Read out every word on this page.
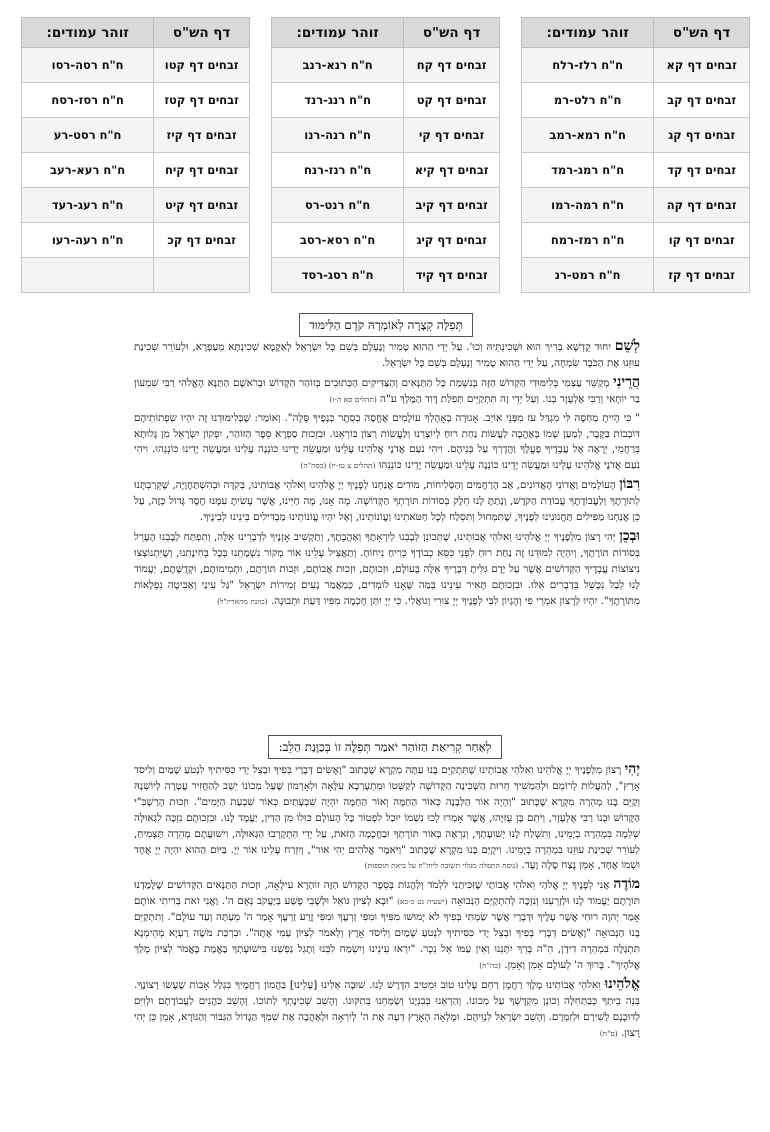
דף הש"ס	זוהר עמודים:
זבחים דף קא	ח"ח רלז-רלח
זבחים דף קב	ח"ח רלט-רמ
זבחים דף קג	ח"ח רמא-רמב
זבחים דף קד	ח"ח רמג-רמד
זבחים דף קה	ח"ח רמה-רמו
זבחים דף קו	ח"ח רמז-רמח
זבחים דף קז	ח"ח רמט-רנ
דף הש"ס	זוהר עמודים:
זבחים דף קח	ח"ח רנא-רנב
זבחים דף קט	ח"ח רנג-רנד
זבחים דף קי	ח"ח רנה-רנו
זבחים דף קיא	ח"ח רנז-רנח
זבחים דף קיב	ח"ח רנט-רס
זבחים דף קיג	ח"ח רסא-רסב
זבחים דף קיד	ח"ח רסג-רסד
דף הש"ס	זוהר עמודים:
זבחים דף קטו	ח"ח רסה-רסו
זבחים דף קטז	ח"ח רסז-רסח
זבחים דף קיז	ח"ח רסט-רע
זבחים דף קיח	ח"ח רעא-רעב
זבחים דף קיט	ח"ח רעג-רעד
זבחים דף קכ	ח"ח רעה-רעו

תְּפִלָּה קְצָרָה לְאוֹמְרָהּ קֹדֶם הַלִּימּוּד

לְשֵׁם יִחוּד קֻדְשָׁא בְּרִיךְ הוּא וּשְׁכִינְתֵּיהּ וְכוּ'. עַל יְדֵי הַהוּא טָמִיר וְנֶעְלָם בְּשֵׁם כָּל יִשְׂרָאֵל לְאַקָּמָא שְׁכִינְתָּא מֵעַפְרָא, וּלְעוֹרֵר שְׁכִינַת עוּזֵּנוּ אֶת הַכֹּבֶד שִׂמְחָה, עַל יְדֵי הַהוּא טָמִיר וְנֶעְלָם בְּשֵׁם כָּל יִשְׂרָאֵל.

הֲרֵינִי מְקַשֵּׁר עַצְמִי בְּלִימּוּדִי הַקְּדוֹשׁ הַזֶּה בְּנִשְׁמַת כָּל הַתַּנָּאִים וְהַצַּדִּיקִים הַכְּתוּבִים בְּזוֹהַר הַקָּדוֹשׁ וּבְרֹאשָׁם הַתַּנָּא הָאֱלֹהִי רַבִּי שִׁמְעוֹן בַּר יוֹחָאי וְרַבִּי אֶלְעָזָר בְּנוֹ. וְעַל יְדֵי זֶה תִּתְקַיֵּים תְּפִלַּת דָּוִד הַמֶּלֶךְ ע"ה (תהלים סא ה-ז)

" כִּי הָיִיתָ מַחְסֶה לִּי מִגְדַּל עֹז מִפְּנֵי אוֹיֵב. אָגוּרָה בְאָהָלְךָ עוֹלָמִים אֶחֱסֶה בְסֵתֶר כְּנָפֶיךָ סֶּלָה". וְאוֹמַר: שֶׁבְּלִימּוּדֵנוּ זֶה יִהְיוּ שִׂפְתוֹתֵיהֶם דּוֹבְבוֹת בַּקֶּבֶר, לְמַעַן שְׁמוֹ בְּאַהֲבָה לַעֲשׂוֹת נַחַת רוּחַ לְיוֹצְרֵנוּ וְלַעֲשׂוֹת רְצוֹן בּוֹרְאֵנוּ. וּבִזְכוּת סַפְרָא סֵפֶר הַזּוֹהַר, יִפְקוֹן יִשְׂרָאֵל מִן גָּלוּתָא בְּרַחֲמֵי, יֵרָאֶה אֶל עֲבָדֶיךָ פָעֳלֶךָ וַהֲדָרְךָ עַל בְּנֵיהֶם. וִיהִי נֹעַם אֲדֹנָי אֱלֹהֵינוּ עָלֵינוּ וּמַעֲשֵׂה יָדֵינוּ כּוֹנְנָה עָלֵינוּ וּמַעֲשֵׂה יָדֵינוּ כּוֹנְנֵהוּ. וִיהִי נֹעַם אֲדֹנָי אֱלֹהֵינוּ עָלֵינוּ וּמַעֲשֵׂה יָדֵינוּ כּוֹנְנָה עָלֵינוּ וּמַעֲשֵׂה יָדֵינוּ כּוֹנְנֵהוּ (תהלים צ טז-יז) (כסה"ה)

רִבּוֹן הָעוֹלָמִים וַאֲדוֹנֵי הָאֲדוֹנִים, אַב הָרַחֲמִים וְהַסְּלִיחוֹת, מוֹדִים אֲנַחְנוּ לְפָנֶיךָ יְיָ אֱלֹהֵינוּ וֵאלֹהֵי אֲבוֹתֵינוּ, בְּקִדָּה וּבְהִשְׁתַּחֲוָיָה, שֶׁקֵּרַבְתָּנוּ לְתוֹרָתֶךָ וְלַעֲבוֹדָתֶךָ עֲבוֹדַת הַקֹּדֶשׁ, וְנָתַתָּ לָנוּ חֵלֶק בְּסוֹדוֹת תּוֹרָתְךָ הַקְּדוֹשָׁה. מָה אָנוּ, מֶה חַיֵּינוּ, אֲשֶׁר עָשִׂיתָ עִמָּנוּ חֶסֶד גָּדוֹל כָּזֶה, עַל כֵּן אֲנַחְנוּ מַפִּילִים תַּחֲנוּנֵינוּ לְפָנֶיךָ, שֶׁתִּמְחוֹל וְתִסְלַח לְכָל חַטֹּאתֵינוּ וַעֲוֹנוֹתֵינוּ, וְאַל יִהְיוּ עֲוֹנוֹתֵינוּ מַבְדִּילִים בֵּינֵינוּ לְבֵינֶיךָ.

וּבְכֵן יְהִי רָצוֹן מִלְּפָנֶיךָ יְיָ אֱלֹהֵינוּ וֵאלֹהֵי אֲבוֹתֵינוּ, שֶׁתְּכוֹנֵן לְבָבֵנוּ לְיִרְאָתֶךָ וְאַהֲבָתֶךָ, וְתַקְשִׁיב אָזְנֶיךָ לִדְבָרֵינוּ אֵלֶּה, וְתִפְתַּח לְבָבֵנוּ הֶעָרֵל בְּסוֹדוֹת תּוֹרָתֶךָ, וְיִהְיֶה לִמּוּדֵנוּ זֶה נַחַת רוּחַ לִפְנֵי כִּסֵּא כְבוֹדֶךָ כְּרֵיחַ נִיחוֹחַ. וְתַאֲצִיל עָלֵינוּ אוֹר מְקוֹר נִשְׁמָתֵנוּ בְּכָל בְּחִינָתֵנוּ, וְשֶׁיִּתְנוֹצְצוּ נִיצוֹצוֹת עֲבָדֶיךָ הַקְּדוֹשִׁים אֲשֶׁר עַל יָדָם גִּלִּיתָ דְּבָרֶיךָ אֵלֶּה בָּעוֹלָם, וּזְכוּתָם, וּזְכוּת אֲבוֹתָם, וּזְכוּת תּוֹרָתָם, וּתְמִימוּתָם, וּקְדֻשָּׁתָם, יַעֲמוֹד לָנוּ לְבַל נִכָּשֵׁל בִּדְבָרִים אֵלּוּ. וּבִזְכוּתָם תָּאִיר עֵינֵינוּ בְּמַה שֶּׁאָנוּ לוֹמְדִים, כְּמַאֲמַר נְעִים זְמִירוֹת יִשְׂרָאֵל "גַּל עֵינַי וְאַבִּיטָה נִפְלָאוֹת מִתּוֹרָתֶךָ". יִהְיוּ לְרָצוֹן אִמְרֵי פִי וְהֶגְיוֹן לִבִּי לְפָנֶיךָ יְיָ צוּרִי וְגוֹאֲלִי. כִּי יְיָ יִתֵּן חָכְמָה מִפִּיו דַּעַת וּתְבוּנָה. (כוונת מהאריז"ל)

לְאַחַר קְרִיאַת הַזּוֹהַר יֹאמַר תְּפִלָּה זוֹ בְּכַוָּנַת הַלֵּב:

יְהִי רָצוֹן מִלְּפָנֶיךָ יְיָ אֱלֹהֵינוּ וֵאלֹהֵי אֲבוֹתֵינוּ שֶׁתִּתְקַיֵּם בָּנוּ עַתָּה מִקְרָא שֶׁכָּתוּב "וָאָשִׂים דְּבָרַי בְּפִיךָ וּבְצֵל יָדִי כִּסִּיתִיךָ לִנְטֹעַ שָׁמַיִם וְלִיסֹד אָרֶץ", לְהַעֲלוֹת לְרוֹמֵם וּלְהַמְשִׁיךְ חֵרוּת הַשְּׁכִינָה הַקְּדוֹשָׁה לְקַשְּׁטוֹ וּמִתְעָרְבָא עִלָּאָה וּלְאָרְמוֹן שֶׁעַל מִכוֹנוֹ יֵשֵׁב לְהַחֲזִיר עֲטָרָה לְיוֹשְׁנָהּ וְקַיֵּם בָּנוּ מְהֵרָה מִקְרָא שֶׁכָּתוּב "וְהָיָה אוֹר הַלְּבָנָה כְּאוֹר הַחַמָּה וְאוֹר הַחַמָּה יִהְיֶה שִׁבְעָתַיִם כְּאוֹר שִׁבְעַת הַיָּמִים". וּזְכוּת הָרַשְׁבִּ"י הַקָּדוֹשׁ וּבְנוֹ רַבִּי אֶלְעָזָר, וְיֹתֵם בֶּן עֻזִּיָּהוּ, אֲשֶׁר אָמְרוּ לְכוּ נִשְׁמוֹ יוּכַל לִפְטוֹר כָּל הָעוֹלָם כּוּלוֹ מִן הַדִּין, יַעֲמָד לָנוּ. וּבִזְכוּתָם נִזְכֶּה לִגְאוּלָּה שְׁלֵמָה בִּמְהֵרָה בְיָמֵינוּ, וְתִשְׁלַח לָנוּ יְשׁוּעָתְךָ, וְנִרְאֶה בְּאוֹר תּוֹרָתְךָ וּבַחֲכָמָה הַזֹּאת, עַל יְדֵי הִתְקָרְבוּ הַגְּאוּלָּה, וִישׁוּעָתָם מְהֵרָה תַּצְמִיחַ, לְעוֹרֵר שְׁכִינַת עוּזֵּנוּ בִּמְהֵרָה בְיָמֵינוּ. וִיקֻיַּם בָּנוּ מִקְרָא שֶׁכָּתוּב "וַיֹּאמֶר אֱלֹהִים יְהִי אוֹר", וְיִזְרַח עָלֵינוּ אוֹר יְיָ. בַּיּוֹם הַהוּא יִהְיֶה יְיָ אֶחָד וּשְׁמוֹ אֶחָד, אָמֵן נֶצַח סֶלָה וָעֶד. (נוסח התפלה מגלוי תשובה ליוה"ח על ביאת תוספות)

מוֹדֶה אֲנִי לְפָנֶיךָ יְיָ אֱלֹהַי וֵאלֹהֵי אֲבוֹתַי שֶׁזִּכִּיתַנִי לִלְמֹד וְלַהֲגוֹת בְּסֵפֶר הַקָּדוֹשׁ הַזֶּה זוֹהַרָא עִילָּאָה, וּזְכוּת הַתַּנָּאִים הַקְּדוֹשִׁים שֶׁלָּמַדְנוּ תּוֹרָתָם יַעֲמוֹד לָנוּ וּלְזַרְעֵנוּ וְנִזְכֶּה לְהִתְקַיֵּם הַנְּבוּאָה (ישעיה נט כ-כא) "וּבָא לְצִיּוֹן גּוֹאֵל וּלְשָׁבֵי פֶשַׁע בְּיַעֲקֹב נְאֻם ה'. וַאֲנִי זֹאת בְּרִיתִי אוֹתָם אָמַר יְהוָה רוּחִי אֲשֶׁר עָלֶיךָ וּדְבָרַי אֲשֶׁר שַׂמְתִּי בְּפִיךָ לֹא יָמוּשׁוּ מִפִּיךָ וּמִפִּי זַרְעֲךָ וּמִפִּי זֶרַע זַרְעֲךָ אָמַר ה' מֵעַתָּה וְעַד עוֹלָם". וְתִתְקַיֵּם בָּנוּ הַנְּבוּאָה "וָאָשִׂים דְּבָרַי בְּפִיךָ וּבְצֵל יָדִי כִּסִּיתִיךָ לִנְטֹעַ שָׁמַיִם וְלִיסֹד אָרֶץ וְלֵאמֹר לְצִיּוֹן עַמִּי אָתָּה". וּבִרְכַּת מֹשֶׁה רַעְיָא מְהֵימְנָא תִּתְגַּלֶּה בִּמְהֵרָה דִידָן, הֵ"ה בָּרֵךְ יִתְּנֵנוּ וְאֵין עַמּוֹ אֵל נֵכָר. "יִרְאוּ עֵינֵינוּ וְיִשְׂמַח לִבֵּנוּ וְתָגֵל נַפְשֵׁנוּ בִּישׁוּעָתְךָ בֶּאֱמֶת בֶּאֱמֹר לְצִיּוֹן מָלַךְ אֱלֹהָיִךְ". בָּרוּךְ ה' לְעוֹלָם אָמֵן וְאָמֵן. (כה"ח)

אֱלֹהֵינוּ וֵאלֹהֵי אֲבוֹתֵינוּ מֶלֶךְ רַחֲמָן רַחֵם עָלֵינוּ טוֹב וּמֵטִיב הִדָּרֶשׁ לָנוּ. שׁוּבָה אֵלֵינוּ [עָלֵינוּ] בַּהֲמוֹן רַחֲמֶיךָ בִּגְלַל אָבוֹת שֶׁעָשׂוּ רְצוֹנֶךָ. בְּנֵה בֵיתְךָ כְּבַתְּחִלָּה וְכוֹנֵן מִקְדָּשְׁךָ עַל מְכוֹנוֹ. וְהַרְאֵנוּ בְּבִנְיָנוֹ וְשַׂמְּחֵנוּ בְּתִקּוּנוֹ. וְהָשֵׁב שְׁכִינָתְךָ לְתוֹכוֹ. וְהָשֵׁב כֹּהֲנִים לַעֲבוֹדָתָם וּלְוִיִּם לְדוּכָנָם לְשִׁירָם וּלְזִמְרָם. וְהָשֵׁב יִשְׂרָאֵל לִנְוֵיהֶם. וּמָלְאָה הָאָרֶץ דֵּעָה אֶת ה' לְיִרְאָה וּלְאַהֲבָה אֶת שִׁמְךָ הַגָּדוֹל הַגִּבּוֹר וְהַנּוֹרָא, אָמֵן כֵּן יְהִי רָצוֹן. (ס"ח)
